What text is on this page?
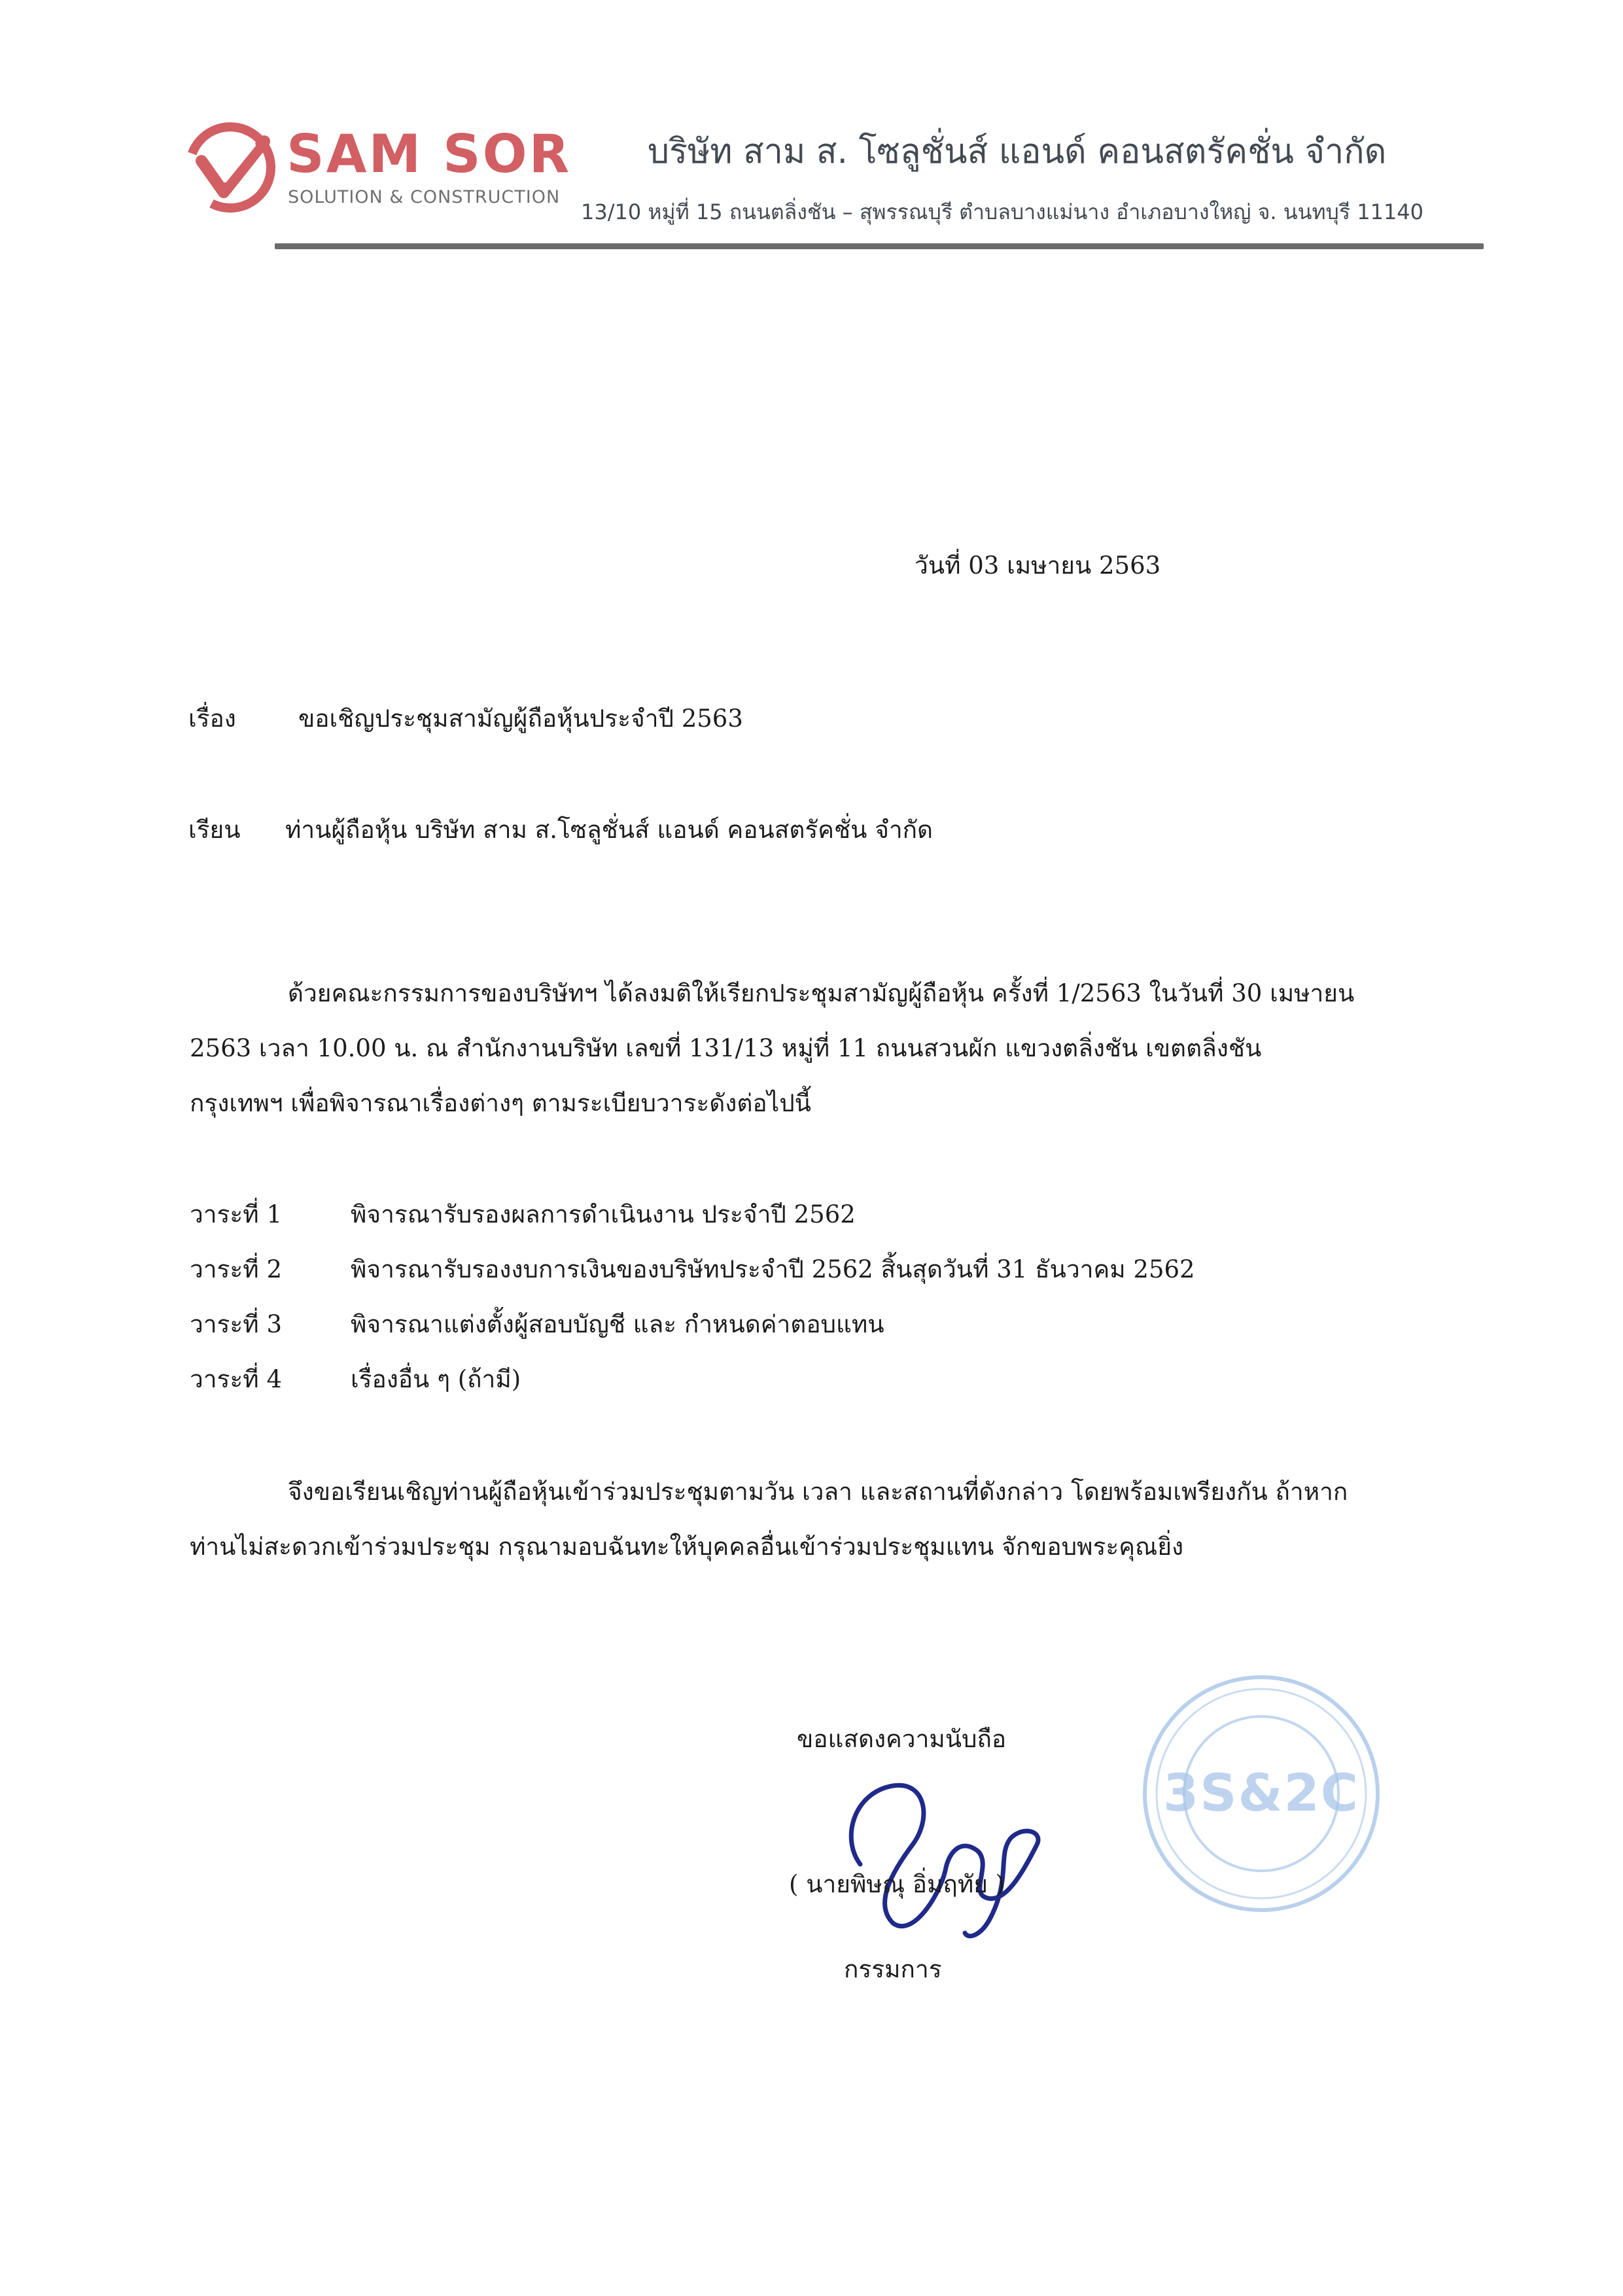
SAM SOR
SOLUTION & CONSTRUCTION
บริษัท สาม ส. โซลูชั่นส์ แอนด์ คอนสตรัคชั่น จำกัด
13/10 หมู่ที่ 15 ถนนตลิ่งชัน – สุพรรณบุรี ตำบลบางแม่นาง อำเภอบางใหญ่ จ. นนทบุรี 11140
วันที่ 03 เมษายน 2563
เรื่อง	ขอเชิญประชุมสามัญผู้ถือหุ้นประจำปี 2563
เรียน ท่านผู้ถือหุ้น บริษัท สาม ส.โซลูชั่นส์ แอนด์ คอนสตรัคชั่น จำกัด
ด้วยคณะกรรมการของบริษัทฯ ได้ลงมติให้เรียกประชุมสามัญผู้ถือหุ้น ครั้งที่ 1/2563 ในวันที่ 30 เมษายน
2563 เวลา 10.00 น. ณ สำนักงานบริษัท เลขที่ 131/13 หมู่ที่ 11 ถนนสวนผัก แขวงตลิ่งชัน เขตตลิ่งชัน
กรุงเทพฯ เพื่อพิจารณาเรื่องต่างๆ ตามระเบียบวาระดังต่อไปนี้
วาระที่ 1	พิจารณารับรองผลการดำเนินงาน ประจำปี 2562
วาระที่ 2	พิจารณารับรองงบการเงินของบริษัทประจำปี 2562 สิ้นสุดวันที่ 31 ธันวาคม 2562
วาระที่ 3	พิจารณาแต่งตั้งผู้สอบบัญชี และ กำหนดค่าตอบแทน
วาระที่ 4	เรื่องอื่น ๆ (ถ้ามี)
จึงขอเรียนเชิญท่านผู้ถือหุ้นเข้าร่วมประชุมตามวัน เวลา และสถานที่ดังกล่าว โดยพร้อมเพรียงกัน ถ้าหาก
ท่านไม่สะดวกเข้าร่วมประชุม กรุณามอบฉันทะให้บุคคลอื่นเข้าร่วมประชุมแทน จักขอบพระคุณยิ่ง
ขอแสดงความนับถือ
( นายพิษณุ อิ่มฤทัย )
กรรมการ
3S&2C
